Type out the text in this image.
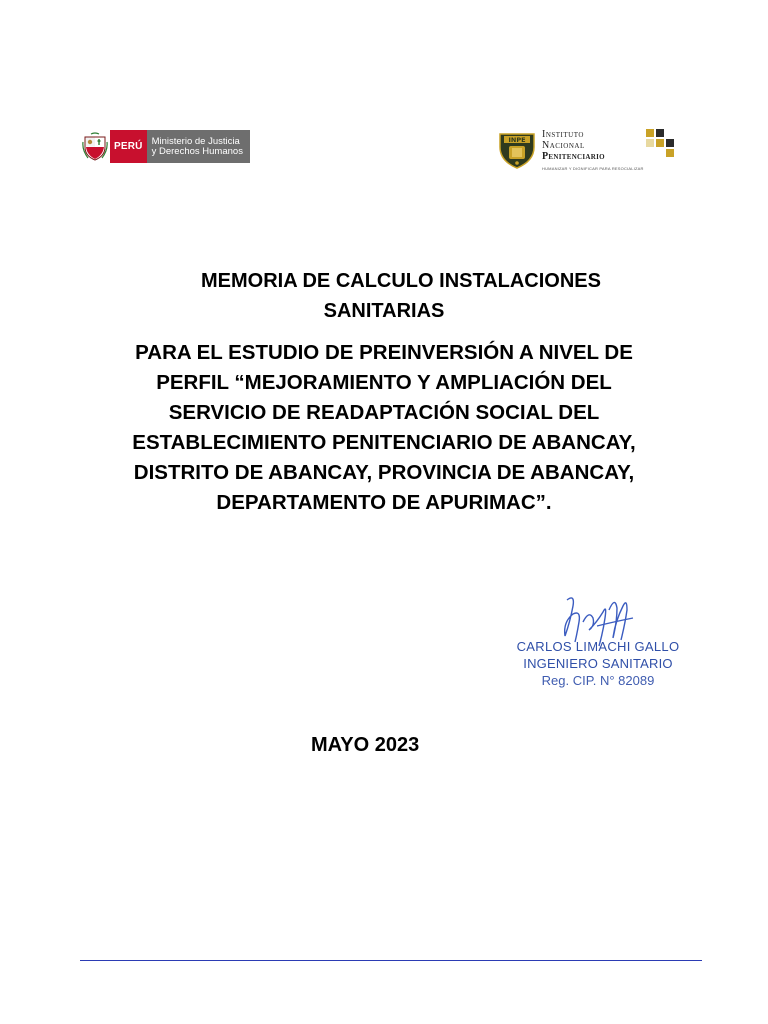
PERÚ Ministerio de Justicia
y Derechos Humanos
INPE Instituto
Nacional
Penitenciario
HUMANIZAR Y DIGNIFICAR PARA RESOCIALIZAR
MEMORIA DE CALCULO INSTALACIONES
SANITARIAS
PARA EL ESTUDIO DE PREINVERSIÓN A NIVEL DE
PERFIL “MEJORAMIENTO Y AMPLIACIÓN DEL
SERVICIO DE READAPTACIÓN SOCIAL DEL
ESTABLECIMIENTO PENITENCIARIO DE ABANCAY,
DISTRITO DE ABANCAY, PROVINCIA DE ABANCAY,
DEPARTAMENTO DE APURIMAC”.
CARLOS LIMACHI GALLO
INGENIERO SANITARIO
Reg. CIP. N° 82089
MAYO 2023
